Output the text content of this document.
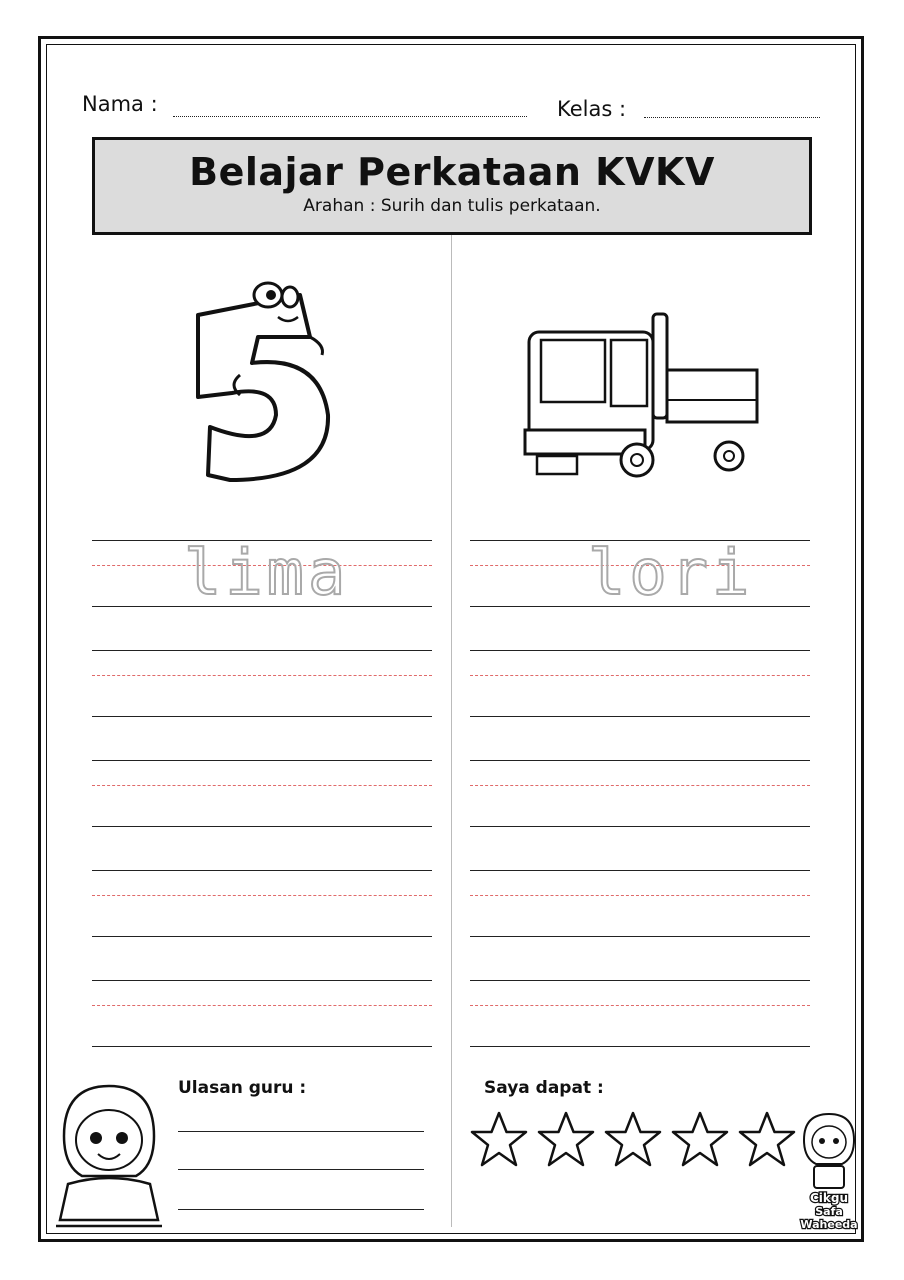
Nama :	Kelas :
Belajar Perkataan KVKV

Arahan : Surih dan tulis perkataan.

lima	lori
Ulasan guru :	Saya dapat :
Cikgu
Safa
Waheeda
